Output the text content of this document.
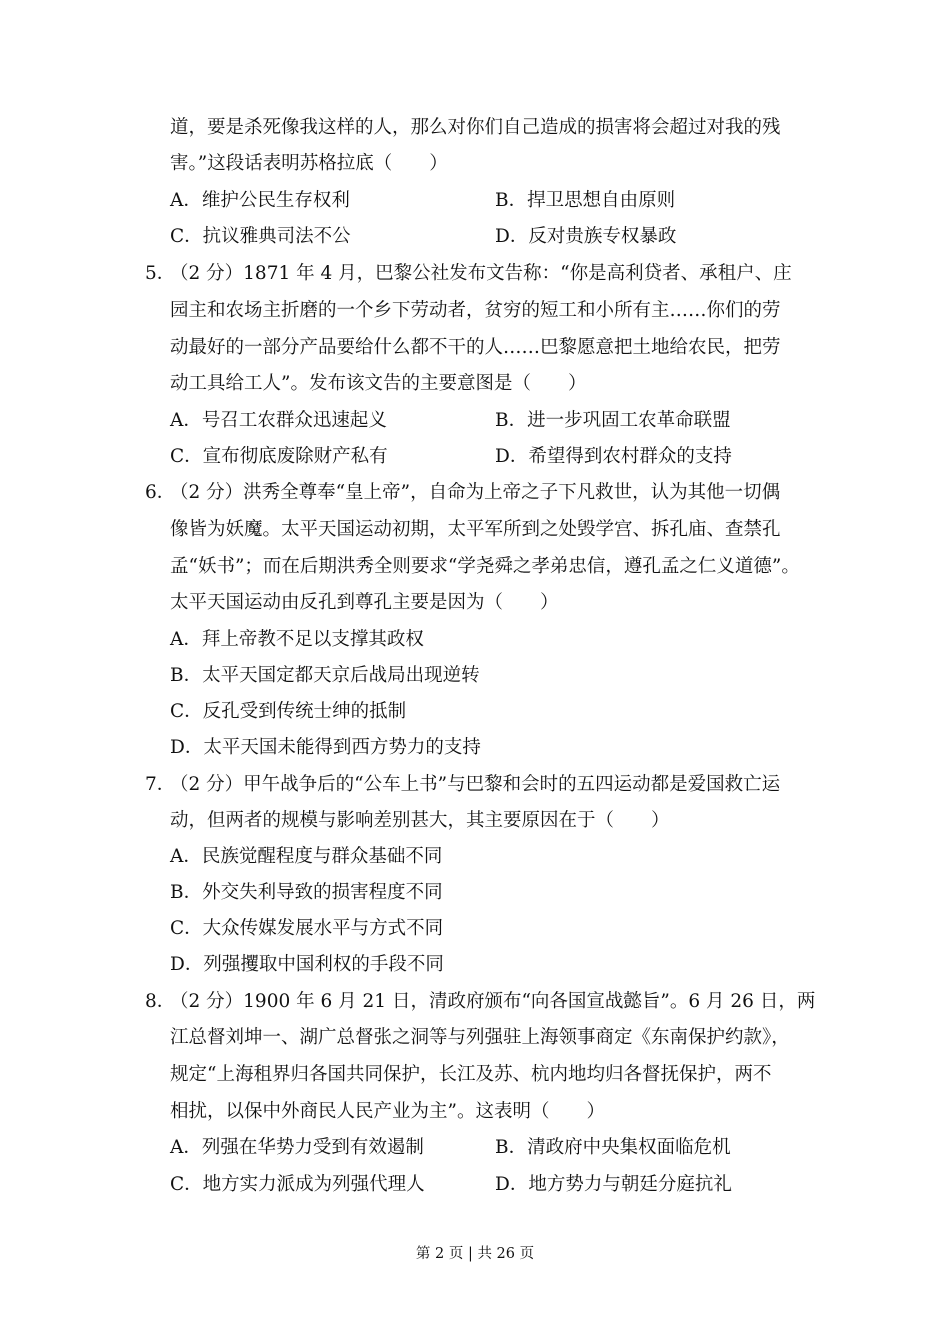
道，要是杀死像我这样的人，那么对你们自己造成的损害将会超过对我的残
害。”这段话表明苏格拉底（　　）
A．维护公民生存权利	B．捍卫思想自由原则
C．抗议雅典司法不公	D．反对贵族专权暴政
5．
（2 分）1871 年 4 月，巴黎公社发布文告称：“你是高利贷者、承租户、庄
园主和农场主折磨的一个乡下劳动者，贫穷的短工和小所有主……你们的劳
动最好的一部分产品要给什么都不干的人……巴黎愿意把土地给农民，把劳
动工具给工人”。发布该文告的主要意图是（　　）
A．号召工农群众迅速起义	B．进一步巩固工农革命联盟
C．宣布彻底废除财产私有	D．希望得到农村群众的支持
6．
（2 分）洪秀全尊奉“皇上帝”，自命为上帝之子下凡救世，认为其他一切偶
像皆为妖魔。太平天国运动初期，太平军所到之处毁学宫、拆孔庙、查禁孔
孟“妖书”；而在后期洪秀全则要求“学尧舜之孝弟忠信，遵孔孟之仁义道德”。
太平天国运动由反孔到尊孔主要是因为（　　）
A．拜上帝教不足以支撑其政权
B．太平天国定都天京后战局出现逆转
C．反孔受到传统士绅的抵制
D．太平天国未能得到西方势力的支持
7．
（2 分）甲午战争后的“公车上书”与巴黎和会时的五四运动都是爱国救亡运
动，但两者的规模与影响差别甚大，其主要原因在于（　　）
A．民族觉醒程度与群众基础不同
B．外交失利导致的损害程度不同
C．大众传媒发展水平与方式不同
D．列强攫取中国利权的手段不同
8．
（2 分）1900 年 6 月 21 日，清政府颁布“向各国宣战懿旨”。6 月 26 日，两
江总督刘坤一、湖广总督张之洞等与列强驻上海领事商定《东南保护约款》，
规定“上海租界归各国共同保护，长江及苏、杭内地均归各督抚保护，两不
相扰，以保中外商民人民产业为主”。这表明（　　）
A．列强在华势力受到有效遏制	B．清政府中央集权面临危机
C．地方实力派成为列强代理人	D．地方势力与朝廷分庭抗礼
第 2 页 | 共 26 页
